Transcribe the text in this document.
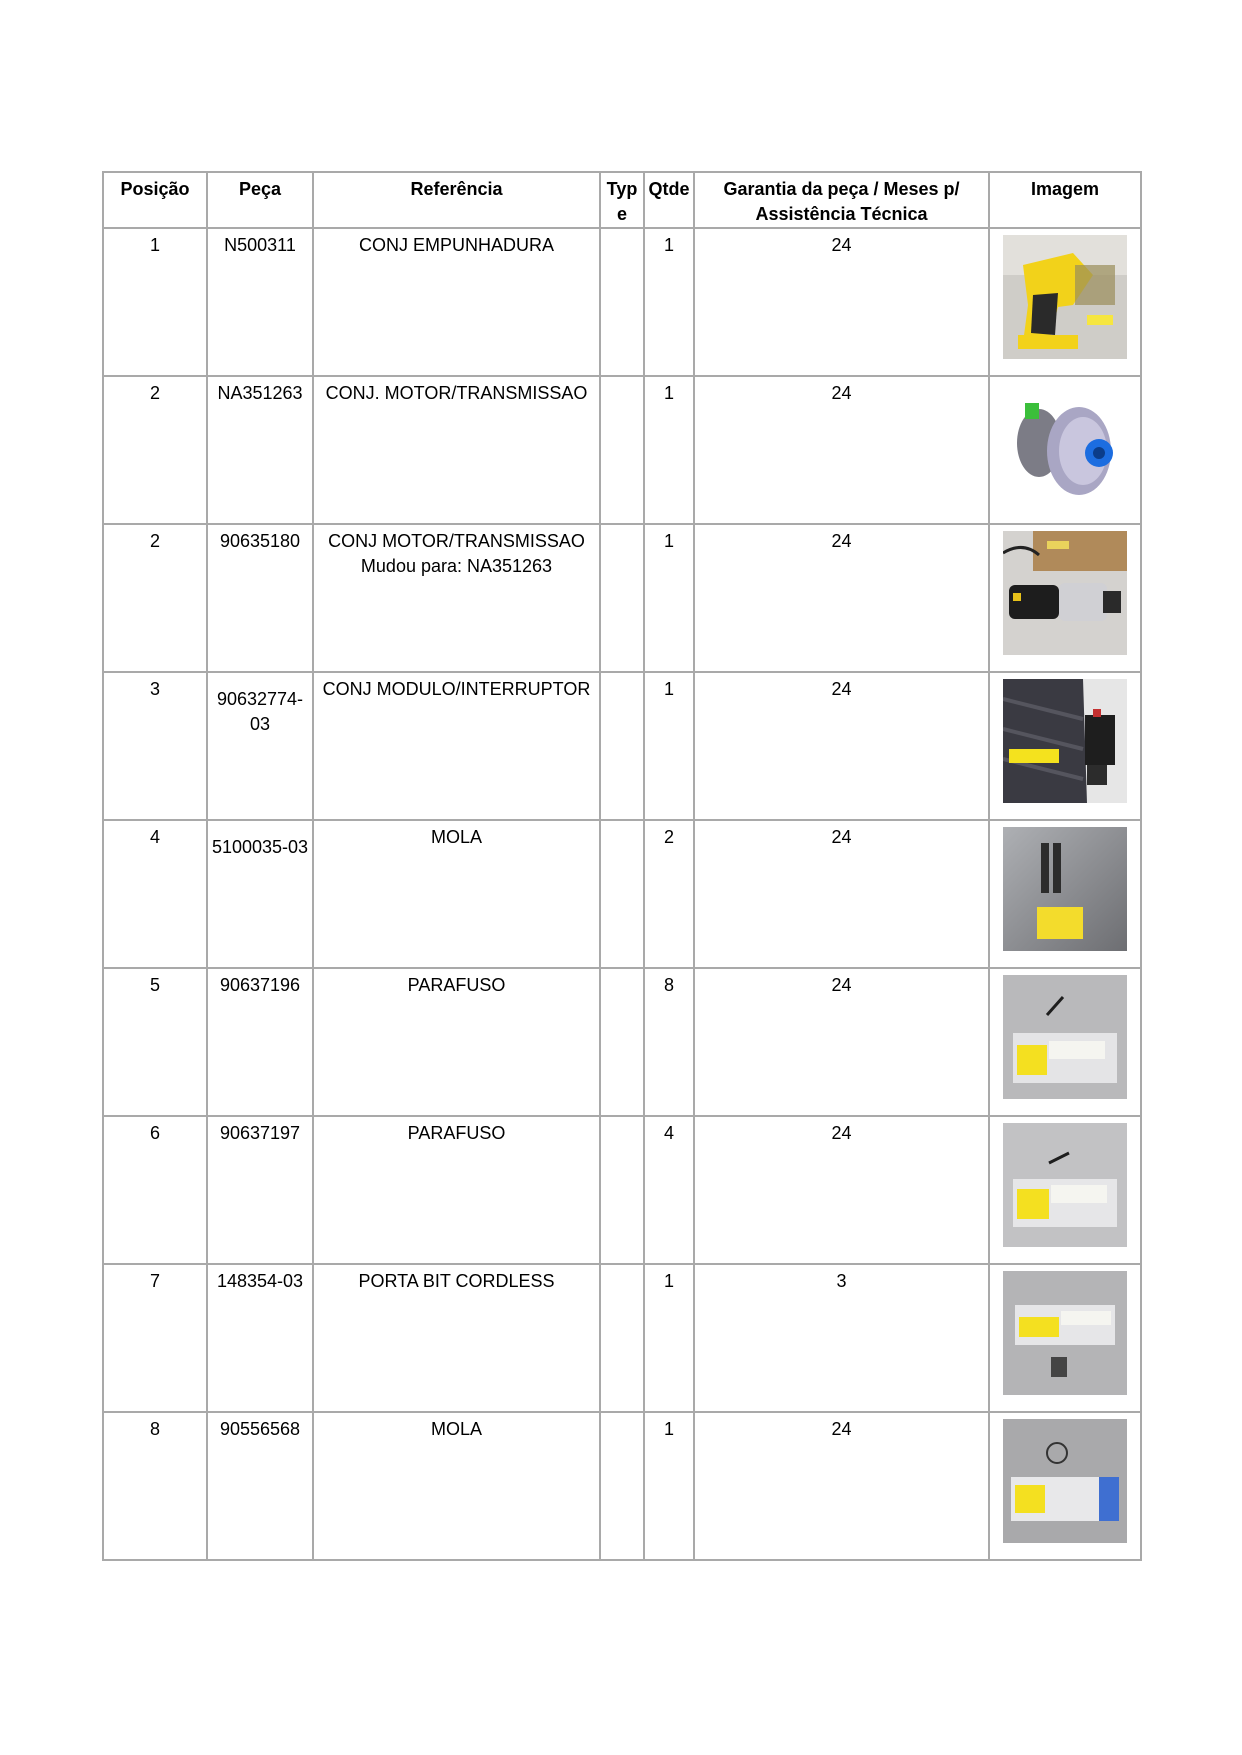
Posição	Peça	Referência	Typ e	Qtde	Garantia da peça / Meses p/ Assistência Técnica	Imagem
1	N500311	CONJ EMPUNHADURA		1	24	

2	NA351263	CONJ. MOTOR/TRANSMISSAO		1	24	

2	90635180	CONJ MOTOR/TRANSMISSAO
Mudou para: NA351263		1	24	

3	90632774-03	CONJ MODULO/INTERRUPTOR		1	24	

4	5100035-03	MOLA		2	24	

5	90637196	PARAFUSO		8	24	

6	90637197	PARAFUSO		4	24	

7	148354-03	PORTA BIT CORDLESS		1	3	

8	90556568	MOLA		1	24	
